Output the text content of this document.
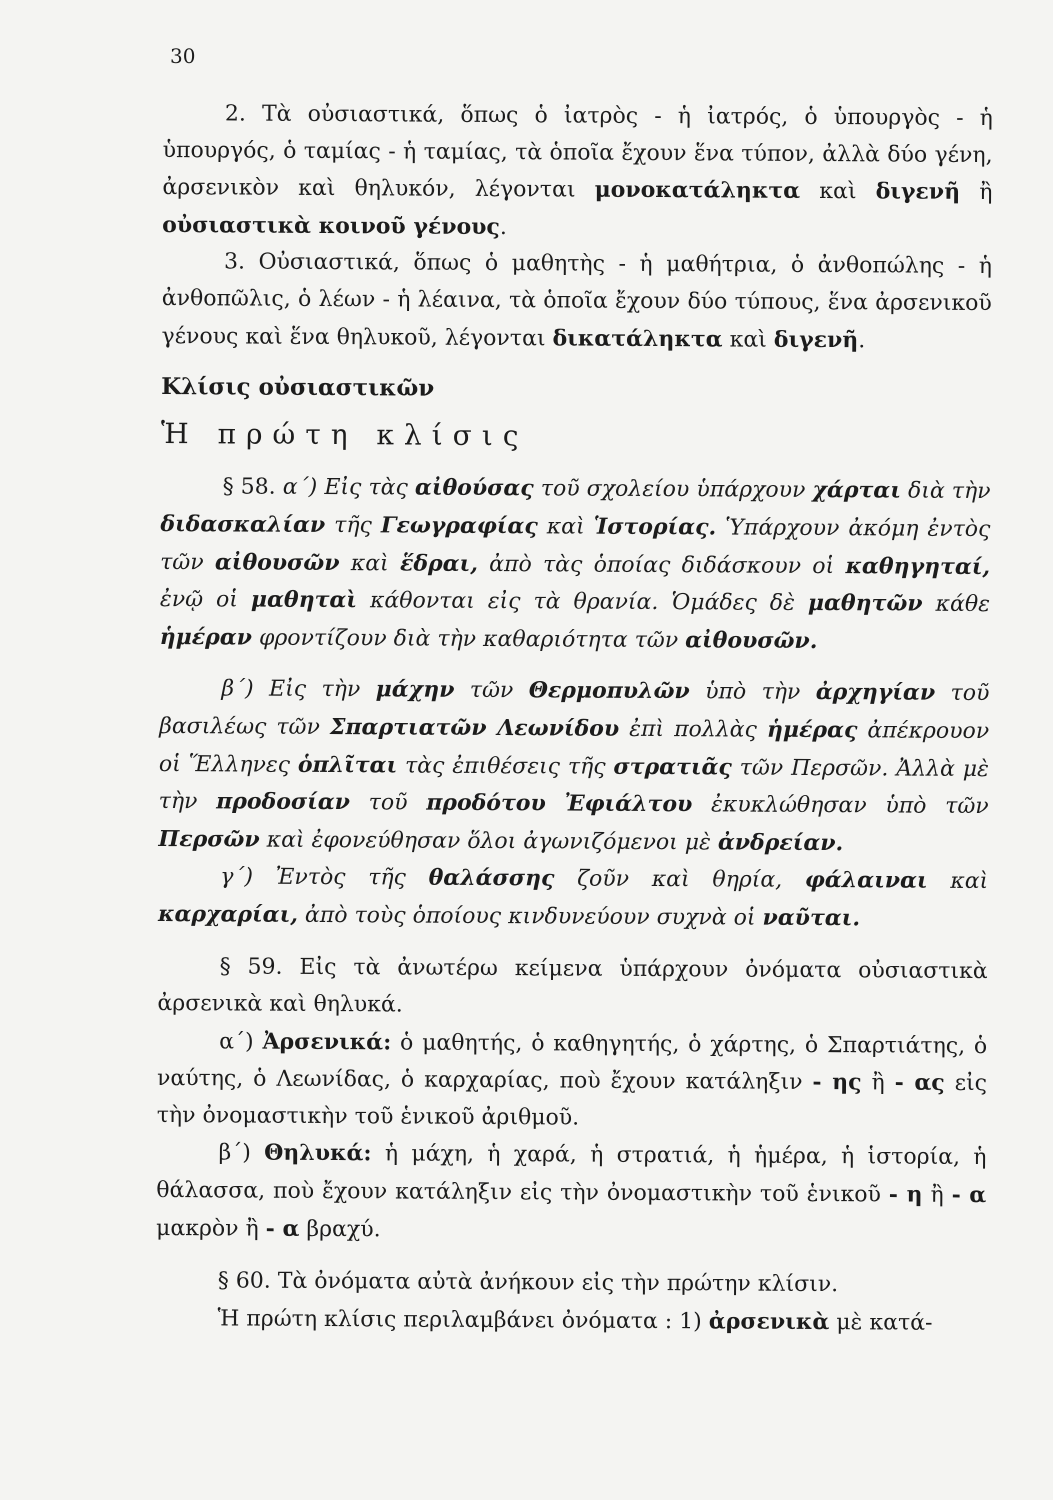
30

2. Τὰ οὐσιαστικά, ὅπως ὁ ἰατρὸς - ἡ ἰατρός, ὁ ὑπουργὸς - ἡ ὑπουργός, ὁ ταμίας - ἡ ταμίας, τὰ ὁποῖα ἔχουν ἕνα τύπον, ἀλλὰ δύο γένη, ἀρσενικὸν καὶ θηλυκόν, λέγονται μονοκατάληκτα καὶ διγενῆ ἢ οὐσιαστικὰ κοινοῦ γένους.

3. Οὐσιαστικά, ὅπως ὁ μαθητὴς - ἡ μαθήτρια, ὁ ἀνθοπώλης - ἡ ἀνθοπῶλις, ὁ λέων - ἡ λέαινα, τὰ ὁποῖα ἔχουν δύο τύπους, ἕνα ἀρσενικοῦ γένους καὶ ἕνα θηλυκοῦ, λέγονται δικατάληκτα καὶ διγενῆ.

Κλίσις οὐσιαστικῶν

Ἡ πρώτη κλίσις

§ 58. α΄) Εἰς τὰς αἰθούσας τοῦ σχολείου ὑπάρχουν χάρται διὰ τὴν διδασκαλίαν τῆς Γεωγραφίας καὶ Ἱστορίας. Ὑπάρχουν ἀκόμη ἐντὸς τῶν αἰθουσῶν καὶ ἕδραι, ἀπὸ τὰς ὁποίας διδάσκουν οἱ καθηγηταί, ἐνῷ οἱ μαθηταὶ κάθονται εἰς τὰ θρανία. Ὁμάδες δὲ μαθητῶν κάθε ἡμέραν φροντίζουν διὰ τὴν καθαριότητα τῶν αἰθουσῶν.

β΄) Εἰς τὴν μάχην τῶν Θερμοπυλῶν ὑπὸ τὴν ἀρχηγίαν τοῦ βασιλέως τῶν Σπαρτιατῶν Λεωνίδου ἐπὶ πολλὰς ἡμέρας ἀπέκρουον οἱ Ἕλληνες ὁπλῖται τὰς ἐπιθέσεις τῆς στρατιᾶς τῶν Περσῶν. Ἀλλὰ μὲ τὴν προδοσίαν τοῦ προδότου Ἐφιάλτου ἐκυκλώθησαν ὑπὸ τῶν Περσῶν καὶ ἐφονεύθησαν ὅλοι ἀγωνιζόμενοι μὲ ἀνδρείαν.

γ΄) Ἐντὸς τῆς θαλάσσης ζοῦν καὶ θηρία, φάλαιναι καὶ καρχαρίαι, ἀπὸ τοὺς ὁποίους κινδυνεύουν συχνὰ οἱ ναῦται.

§ 59. Εἰς τὰ ἀνωτέρω κείμενα ὑπάρχουν ὀνόματα οὐσιαστικὰ ἀρσενικὰ καὶ θηλυκά.

α΄) Ἀρσενικά: ὁ μαθητής, ὁ καθηγητής, ὁ χάρτης, ὁ Σπαρτιάτης, ὁ ναύτης, ὁ Λεωνίδας, ὁ καρχαρίας, ποὺ ἔχουν κατάληξιν - ης ἢ - ας εἰς τὴν ὀνομαστικὴν τοῦ ἑνικοῦ ἀριθμοῦ.

β΄) Θηλυκά: ἡ μάχη, ἡ χαρά, ἡ στρατιά, ἡ ἡμέρα, ἡ ἱστορία, ἡ θάλασσα, ποὺ ἔχουν κατάληξιν εἰς τὴν ὀνομαστικὴν τοῦ ἑνικοῦ - η ἢ - α μακρὸν ἢ - α βραχύ.

§ 60. Τὰ ὀνόματα αὐτὰ ἀνήκουν εἰς τὴν πρώτην κλίσιν.

Ἡ πρώτη κλίσις περιλαμβάνει ὀνόματα : 1) ἀρσενικὰ μὲ κατά-
